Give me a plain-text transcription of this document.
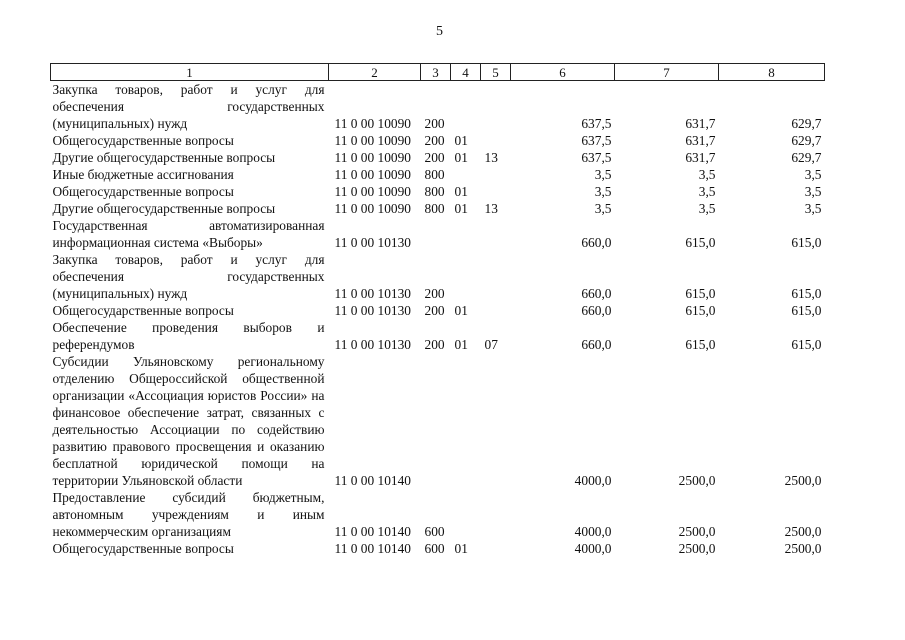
5
1	2	3	4	5	6	7	8
Закупка товаров, работ и услуг для обеспечения государственных (муниципальных) нужд	11 0 00 10090	200			637,5	631,7	629,7
Общегосударственные вопросы	11 0 00 10090	200	01		637,5	631,7	629,7
Другие общегосударственные вопросы	11 0 00 10090	200	01	13	637,5	631,7	629,7
Иные бюджетные ассигнования	11 0 00 10090	800			3,5	3,5	3,5
Общегосударственные вопросы	11 0 00 10090	800	01		3,5	3,5	3,5
Другие общегосударственные вопросы	11 0 00 10090	800	01	13	3,5	3,5	3,5
Государственная автоматизированная информационная система «Выборы»	11 0 00 10130				660,0	615,0	615,0
Закупка товаров, работ и услуг для обеспечения государственных (муниципальных) нужд	11 0 00 10130	200			660,0	615,0	615,0
Общегосударственные вопросы	11 0 00 10130	200	01		660,0	615,0	615,0
Обеспечение проведения выборов и референдумов	11 0 00 10130	200	01	07	660,0	615,0	615,0
Субсидии Ульяновскому региональному отделению Общероссийской общественной организации «Ассоциация юристов России» на финансовое обеспечение затрат, связанных с деятельностью Ассоциации по содействию развитию правового просвещения и оказанию бесплатной юридической помощи на территории Ульяновской области	11 0 00 10140				4000,0	2500,0	2500,0
Предоставление субсидий бюджетным, автономным учреждениям и иным некоммерческим организациям	11 0 00 10140	600			4000,0	2500,0	2500,0
Общегосударственные вопросы	11 0 00 10140	600	01		4000,0	2500,0	2500,0
